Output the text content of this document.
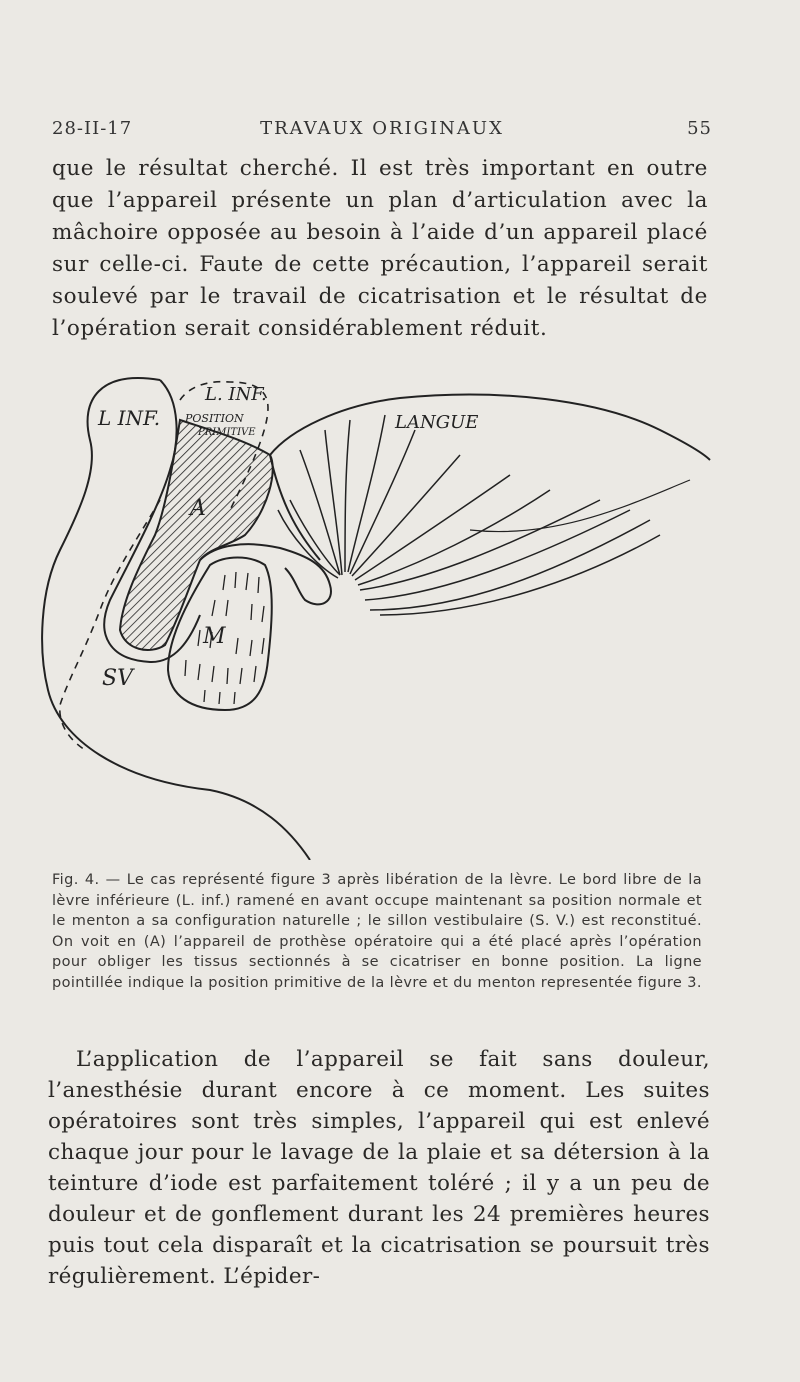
28-II-17	TRAVAUX ORIGINAUX	55

que le résultat cherché. Il est très important en outre que l’appareil présente un plan d’articulation avec la mâchoire opposée au besoin à l’aide d’un appareil placé sur celle-ci. Faute de cette précaution, l’appareil serait soulevé par le travail de cicatrisation et le résultat de l’opération serait considérablement réduit.

L INF.
L. INF.
POSITION
PRIMITIVE	LANGUE
A
M
SV
Fig. 4. — Le cas représenté figure 3 après libération de la lèvre. Le bord libre de la lèvre inférieure (L. inf.) ramené en avant occupe maintenant sa position normale et le menton a sa configuration naturelle ; le sillon vestibulaire (S. V.) est reconstitué. On voit en (A) l’appareil de prothèse opératoire qui a été placé après l’opération pour obliger les tissus sectionnés à se cicatriser en bonne position. La ligne pointillée indique la position primitive de la lèvre et du menton representée figure 3.

L’application de l’appareil se fait sans douleur, l’anesthésie durant encore à ce moment. Les suites opératoires sont très simples, l’appareil qui est enlevé chaque jour pour le lavage de la plaie et sa détersion à la teinture d’iode est parfaitement toléré ; il y a un peu de douleur et de gonflement durant les 24 premières heures puis tout cela disparaît et la cicatrisation se poursuit très régulièrement. L’épider-
